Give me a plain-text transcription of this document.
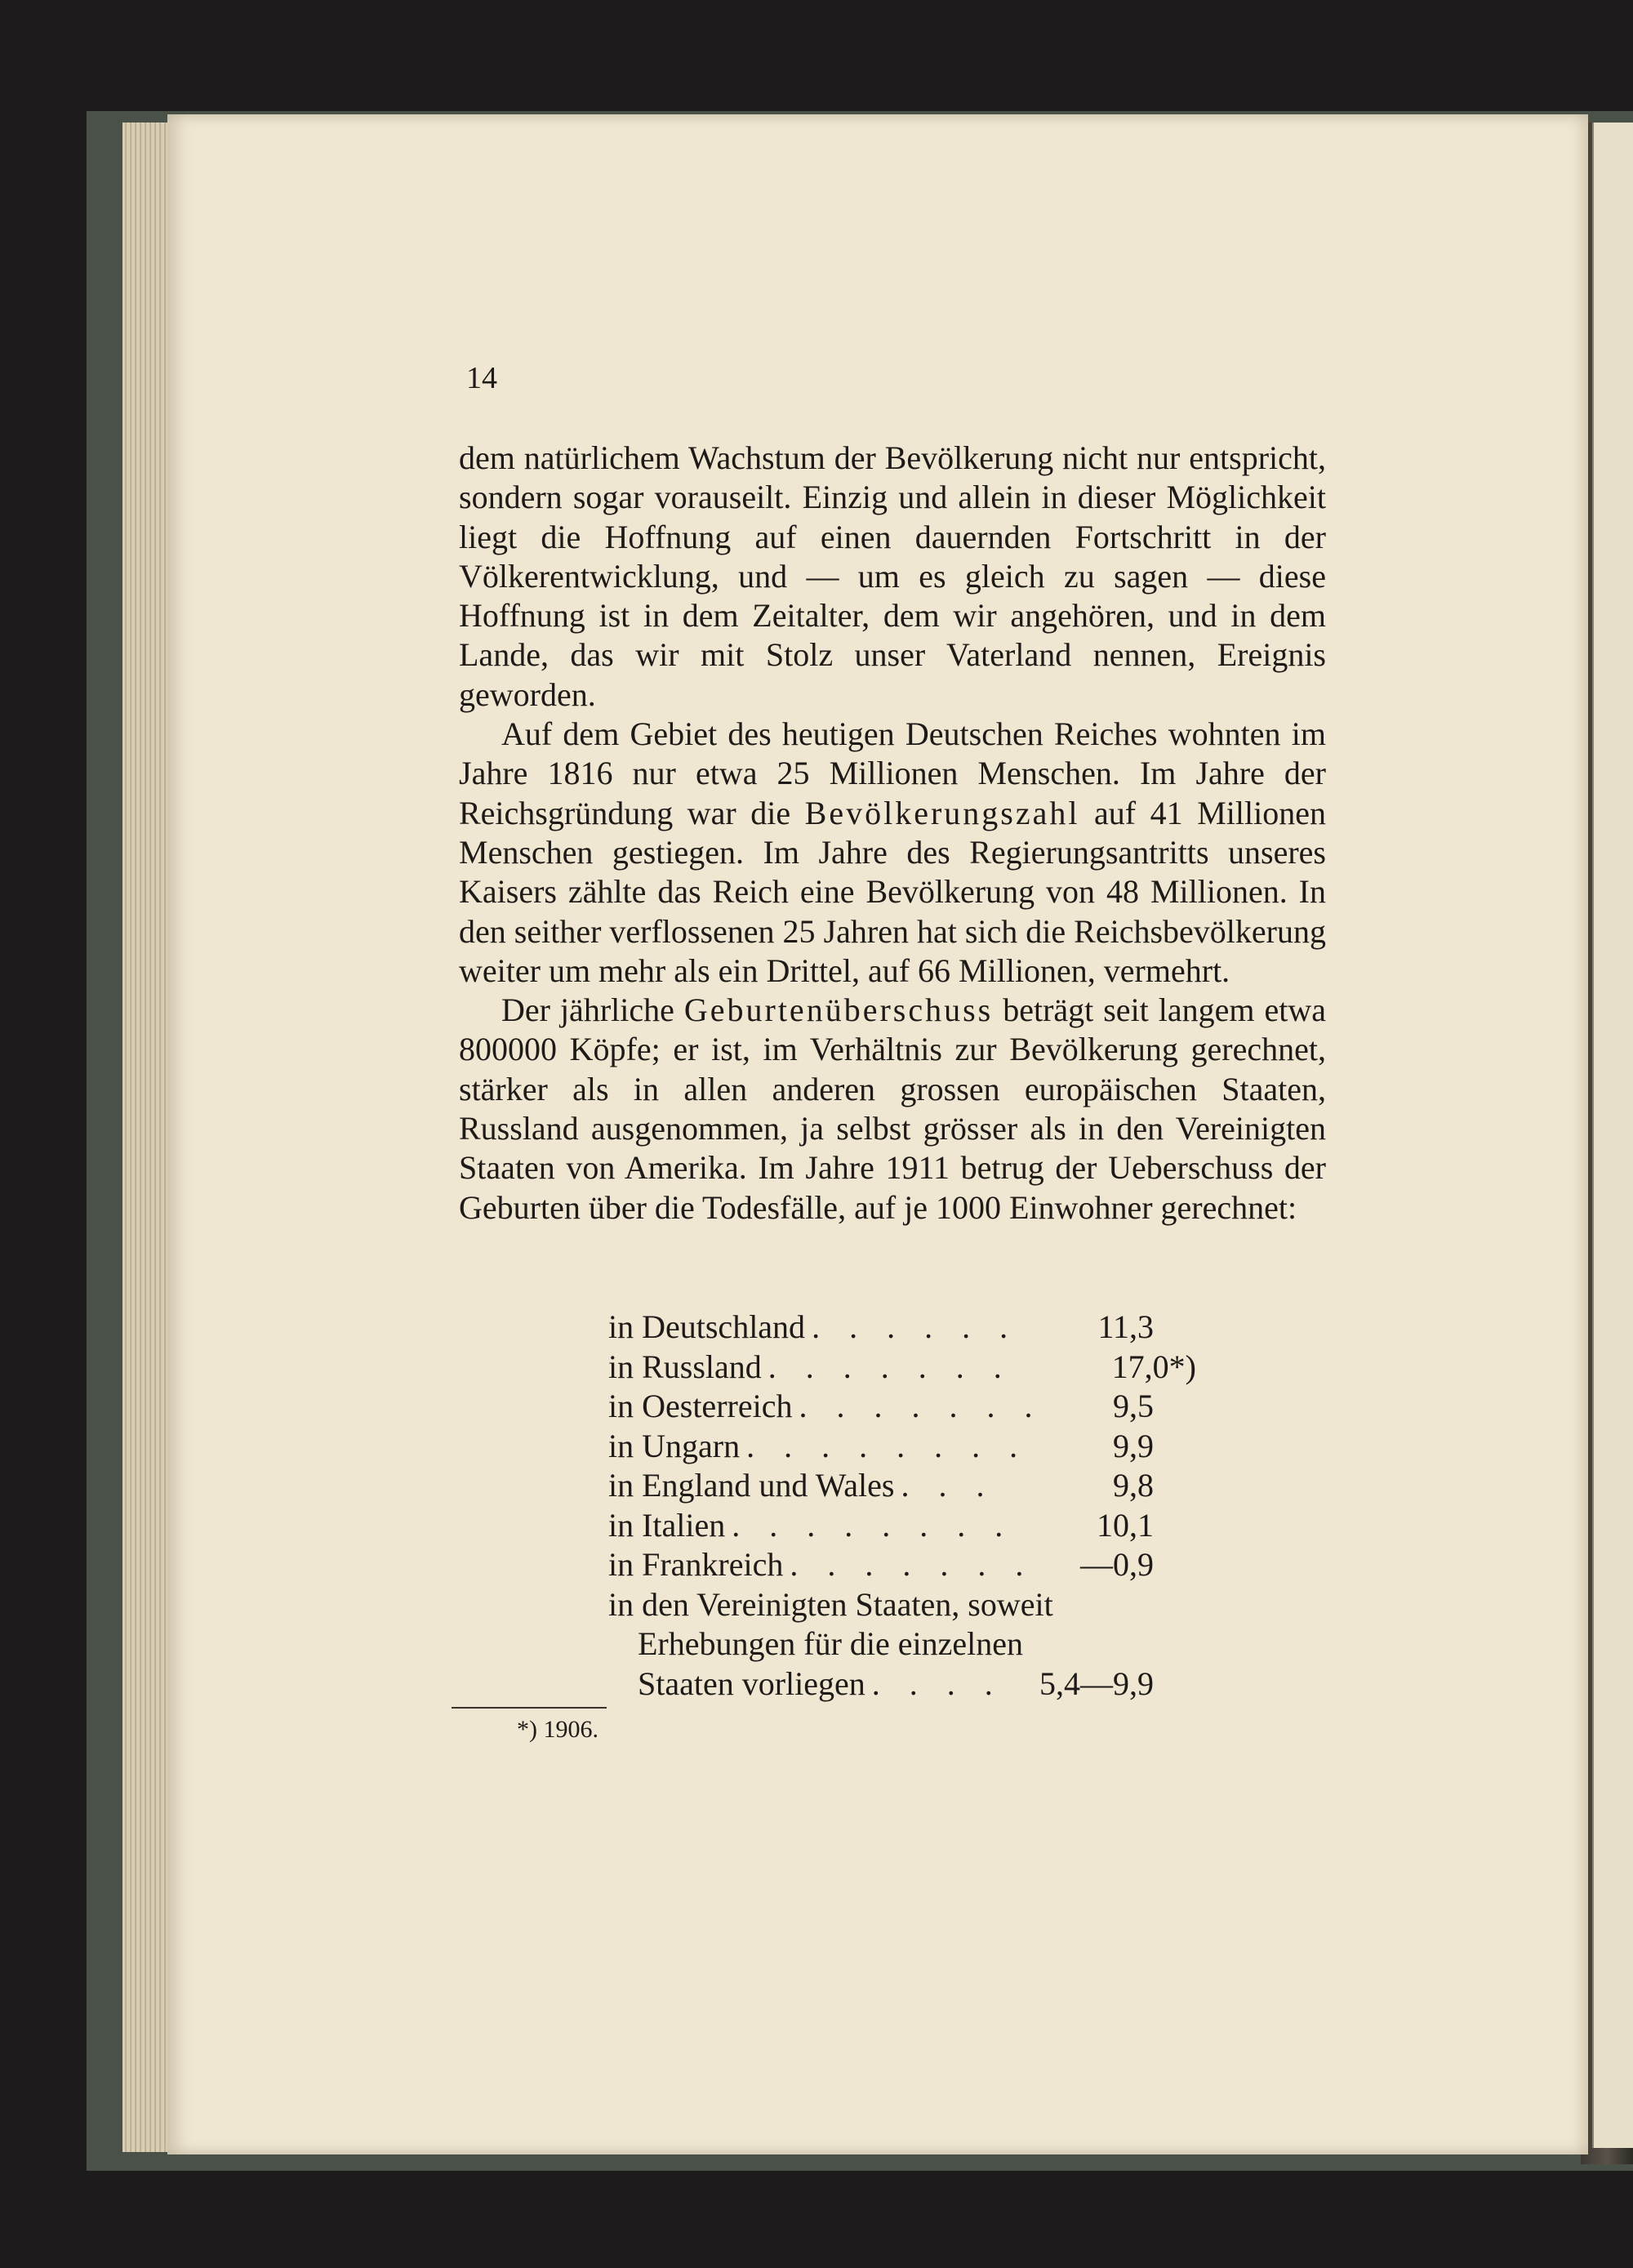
14

dem natürlichem Wachstum der Bevölkerung nicht nur entspricht, sondern sogar vorauseilt. Einzig und allein in dieser Möglichkeit liegt die Hoffnung auf einen dauernden Fortschritt in der Völkerentwicklung, und — um es gleich zu sagen — diese Hoffnung ist in dem Zeitalter, dem wir angehören, und in dem Lande, das wir mit Stolz unser Vaterland nennen, Ereignis geworden.

Auf dem Gebiet des heutigen Deutschen Reiches wohnten im Jahre 1816 nur etwa 25 Millionen Menschen. Im Jahre der Reichsgründung war die Bevölkerungszahl auf 41 Millionen Menschen gestiegen. Im Jahre des Regierungsantritts unseres Kaisers zählte das Reich eine Bevölkerung von 48 Millionen. In den seither verflossenen 25 Jahren hat sich die Reichsbevölkerung weiter um mehr als ein Drittel, auf 66 Millionen, vermehrt.

Der jährliche Geburtenüberschuss beträgt seit langem etwa 800000 Köpfe; er ist, im Verhältnis zur Bevölkerung gerechnet, stärker als in allen anderen grossen europäischen Staaten, Russland ausgenommen, ja selbst grösser als in den Vereinigten Staaten von Amerika. Im Jahre 1911 betrug der Ueberschuss der Geburten über die Todesfälle, auf je 1000 Einwohner gerechnet:

in Deutschland . . . . . .	11,3
in Russland . . . . . . .	17,0*)
in Oesterreich . . . . . . .	9,5
in Ungarn . . . . . . . .	9,9
in England und Wales . . .	9,8
in Italien . . . . . . . .	10,1
in Frankreich . . . . . . .	—0,9
in den Vereinigten Staaten, soweit
Erhebungen für die einzelnen
Staaten vorliegen . . . .	5,4—9,9
*) 1906.
